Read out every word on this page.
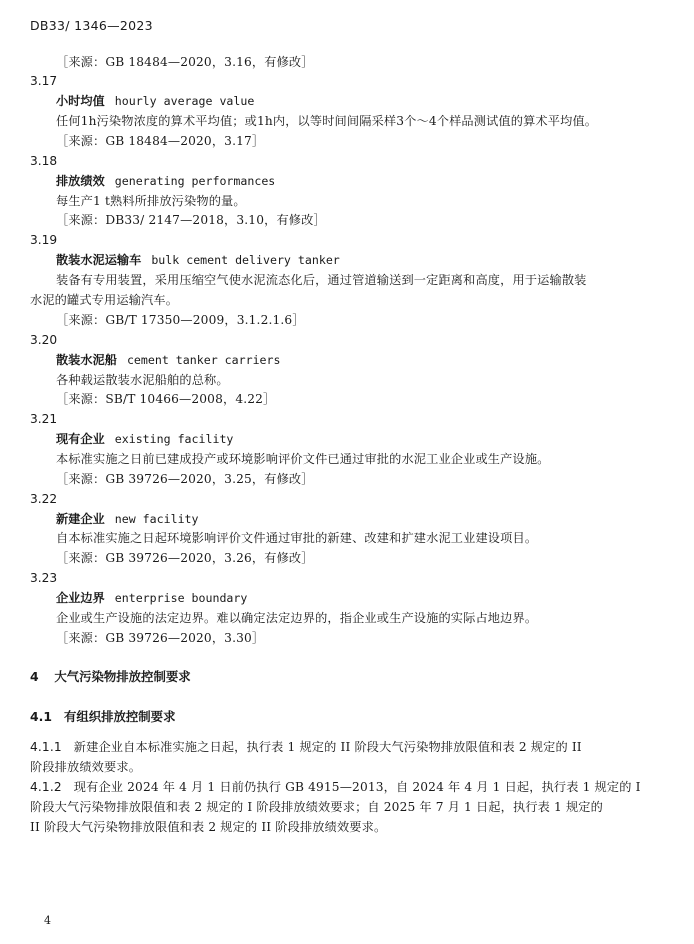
DB33/ 1346—2023
［来源：GB 18484—2020，3.16，有修改］
3.17
小时均值 hourly average value
任何1h污染物浓度的算术平均值；或1h内，以等时间间隔采样3个～4个样品测试值的算术平均值。
［来源：GB 18484—2020，3.17］
3.18
排放绩效 generating performances
每生产1 t熟料所排放污染物的量。
［来源：DB33/ 2147—2018，3.10，有修改］
3.19
散装水泥运输车 bulk cement delivery tanker
装备有专用装置，采用压缩空气使水泥流态化后，通过管道输送到一定距离和高度，用于运输散装
水泥的罐式专用运输汽车。
［来源：GB/T 17350—2009，3.1.2.1.6］
3.20
散装水泥船 cement tanker carriers
各种载运散装水泥船舶的总称。
［来源：SB/T 10466—2008，4.22］
3.21
现有企业 existing facility
本标准实施之日前已建成投产或环境影响评价文件已通过审批的水泥工业企业或生产设施。
［来源：GB 39726—2020，3.25，有修改］
3.22
新建企业 new facility
自本标准实施之日起环境影响评价文件通过审批的新建、改建和扩建水泥工业建设项目。
［来源：GB 39726—2020，3.26，有修改］
3.23
企业边界 enterprise boundary
企业或生产设施的法定边界。难以确定法定边界的，指企业或生产设施的实际占地边界。
［来源：GB 39726—2020，3.30］
4 大气污染物排放控制要求
4.1 有组织排放控制要求
4.1.1 新建企业自本标准实施之日起，执行表 1 规定的 II 阶段大气污染物排放限值和表 2 规定的 II
阶段排放绩效要求。
4.1.2 现有企业 2024 年 4 月 1 日前仍执行 GB 4915—2013，自 2024 年 4 月 1 日起，执行表 1 规定的 I
阶段大气污染物排放限值和表 2 规定的 I 阶段排放绩效要求；自 2025 年 7 月 1 日起，执行表 1 规定的
II 阶段大气污染物排放限值和表 2 规定的 II 阶段排放绩效要求。
4
